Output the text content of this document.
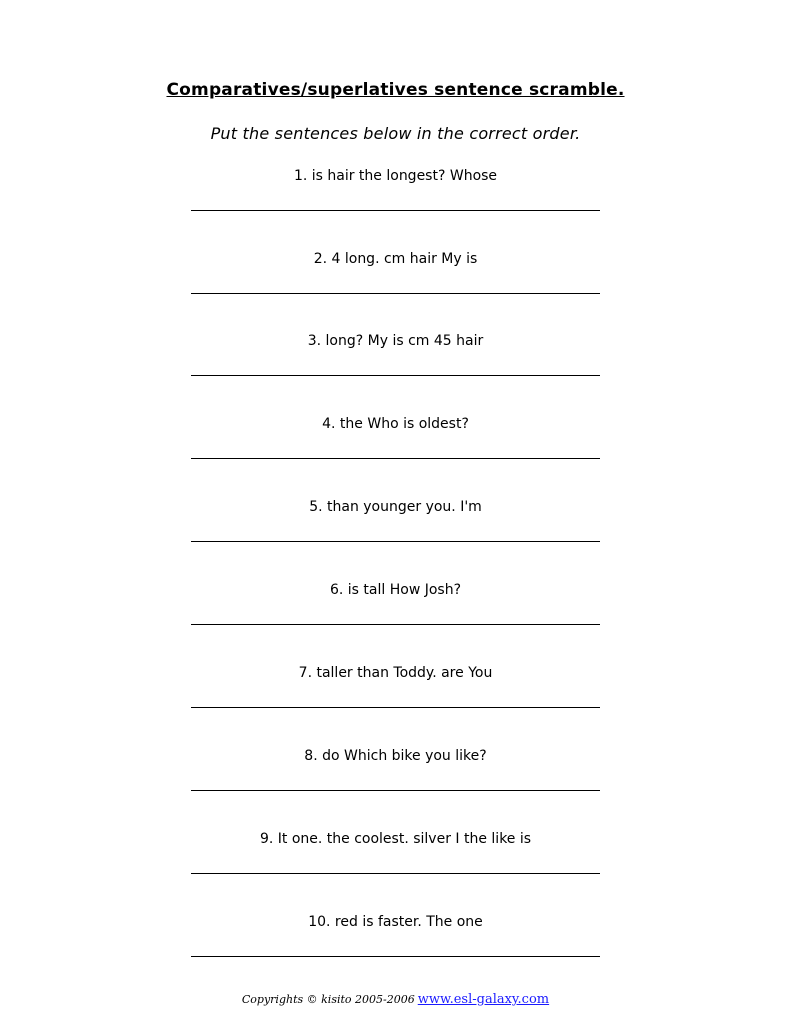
Comparatives/superlatives sentence scramble.
Put the sentences below in the correct order.
1. is hair the longest? Whose
2. 4 long. cm hair My is
3. long? My is cm 45 hair
4. the Who is oldest?
5. than younger you. I'm
6. is tall How Josh?
7. taller than Toddy. are You
8. do Which bike you like?
9. It one. the coolest. silver I the like is
10. red is faster. The one
Copyrights © kisito 2005-2006 www.esl-galaxy.com
